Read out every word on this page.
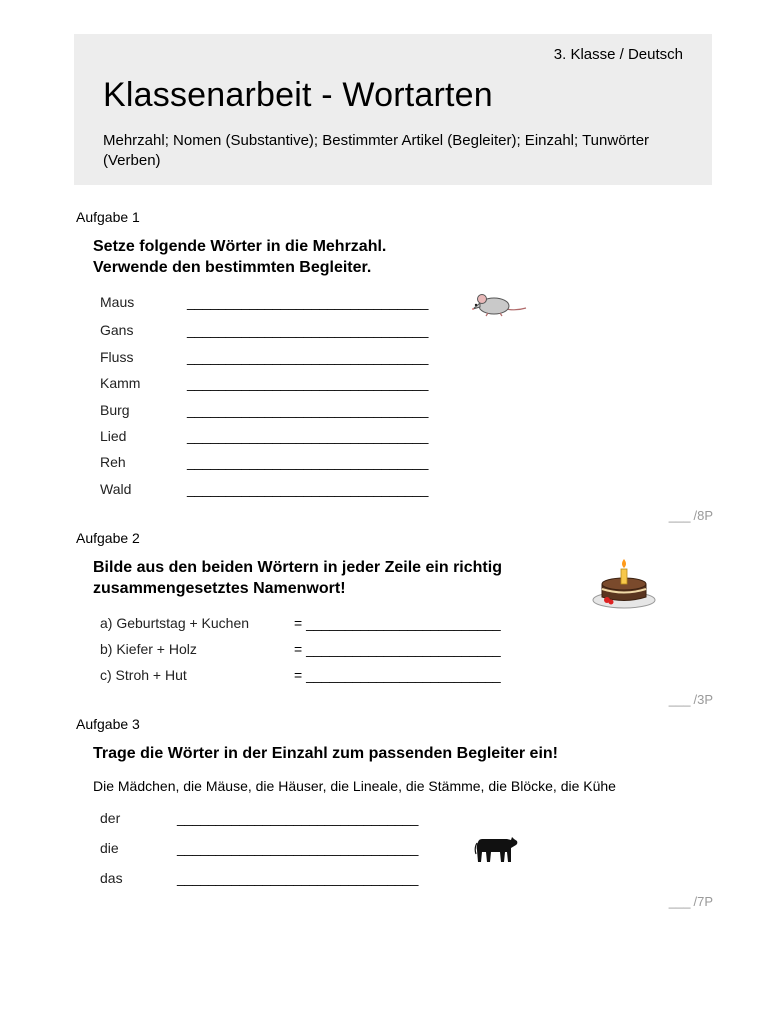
3. Klasse / Deutsch
Klassenarbeit - Wortarten
Mehrzahl; Nomen (Substantive); Bestimmter Artikel (Begleiter); Einzahl; Tunwörter (Verben)
Aufgabe 1
Setze folgende Wörter in die Mehrzahl.
Verwende den bestimmten Begleiter.
Maus	_______________________________
Gans	_______________________________
Fluss	_______________________________
Kamm	_______________________________
Burg	_______________________________
Lied	_______________________________
Reh	_______________________________
Wald	_______________________________
___ /8P
Aufgabe 2
Bilde aus den beiden Wörtern in jeder Zeile ein richtig
zusammengesetztes Namenwort!
a) Geburtstag + Kuchen	= _________________________
b) Kiefer + Holz	= _________________________
c) Stroh + Hut	= _________________________
___ /3P
Aufgabe 3
Trage die Wörter in der Einzahl zum passenden Begleiter ein!
Die Mädchen, die Mäuse, die Häuser, die Lineale, die Stämme, die Blöcke, die Kühe
der	_______________________________
die	_______________________________
das	_______________________________
___ /7P
